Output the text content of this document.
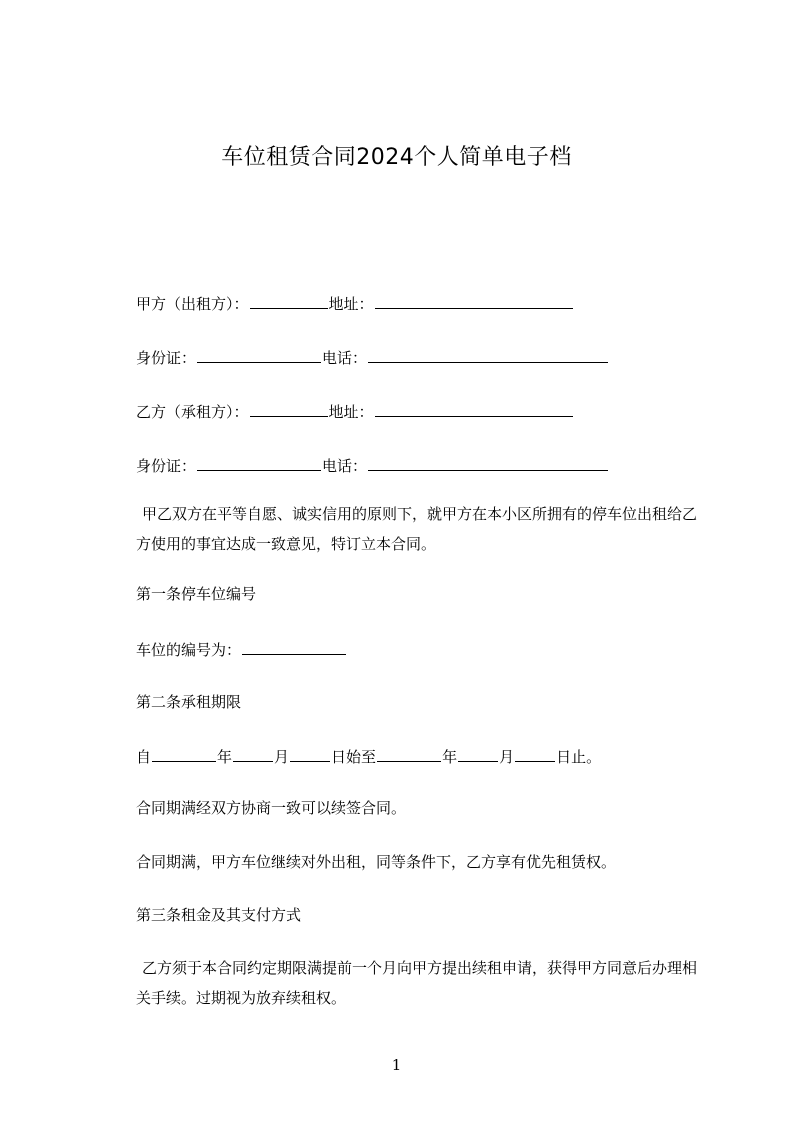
车位租赁合同2024个人简单电子档
甲方（出租方）：	地址：
身份证：	电话：
乙方（承租方）：	地址：
身份证：	电话：
甲乙双方在平等自愿、诚实信用的原则下，就甲方在本小区所拥有的停车位出租给乙方使用的事宜达成一致意见，特订立本合同。
第一条停车位编号
车位的编号为：
第二条承租期限
自	年	月	日始至	年	月	日止。
合同期满经双方协商一致可以续签合同。
合同期满，甲方车位继续对外出租，同等条件下，乙方享有优先租赁权。
第三条租金及其支付方式
乙方须于本合同约定期限满提前一个月向甲方提出续租申请，获得甲方同意后办理相关手续。过期视为放弃续租权。
1
